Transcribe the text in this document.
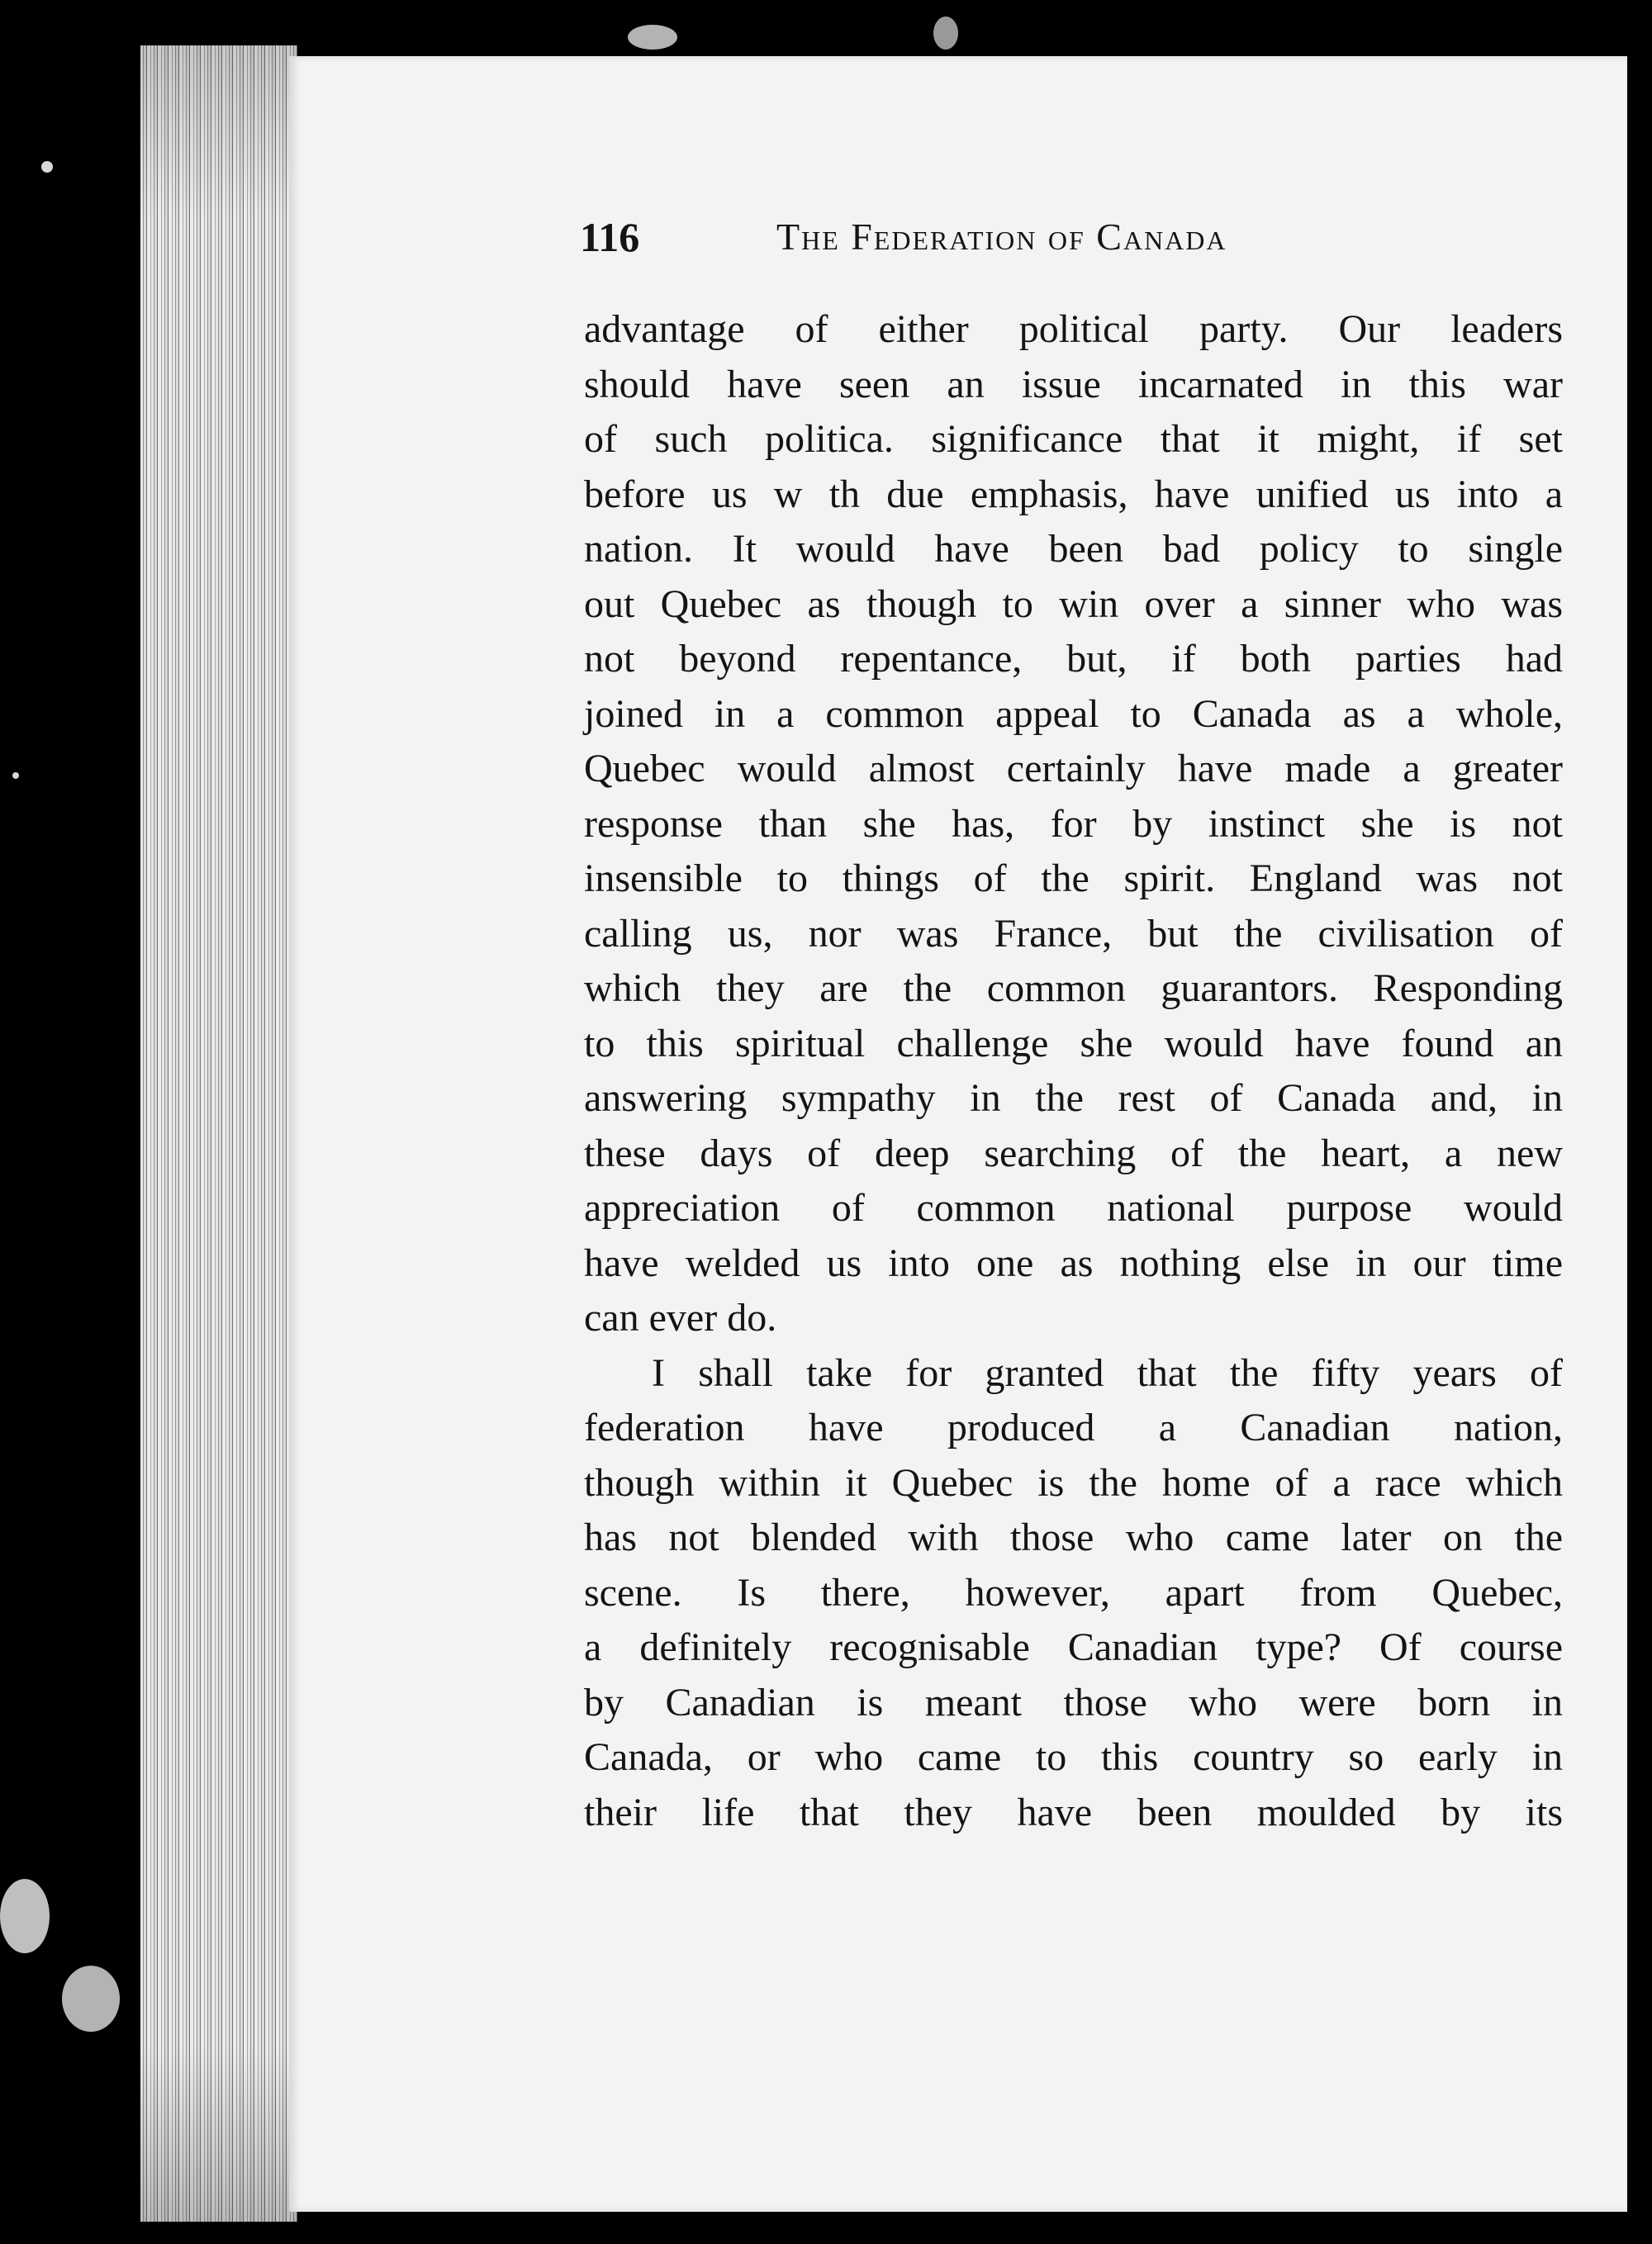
116	The Federation of Canada
advantage of either political party. Our leaders
should have seen an issue incarnated in this war
of such politica. significance that it might, if set
before us w th due emphasis, have unified us into a
nation. It would have been bad policy to single
out Quebec as though to win over a sinner who was
not beyond repentance, but, if both parties had
joined in a common appeal to Canada as a whole,
Quebec would almost certainly have made a greater
response than she has, for by instinct she is not
insensible to things of the spirit. England was not
calling us, nor was France, but the civilisation of
which they are the common guarantors. Responding
to this spiritual challenge she would have found an
answering sympathy in the rest of Canada and, in
these days of deep searching of the heart, a new
appreciation of common national purpose would
have welded us into one as nothing else in our time
can ever do.
I shall take for granted that the fifty years of
federation have produced a Canadian nation,
though within it Quebec is the home of a race which
has not blended with those who came later on the
scene. Is there, however, apart from Quebec,
a definitely recognisable Canadian type? Of course
by Canadian is meant those who were born in
Canada, or who came to this country so early in
their life that they have been moulded by its
